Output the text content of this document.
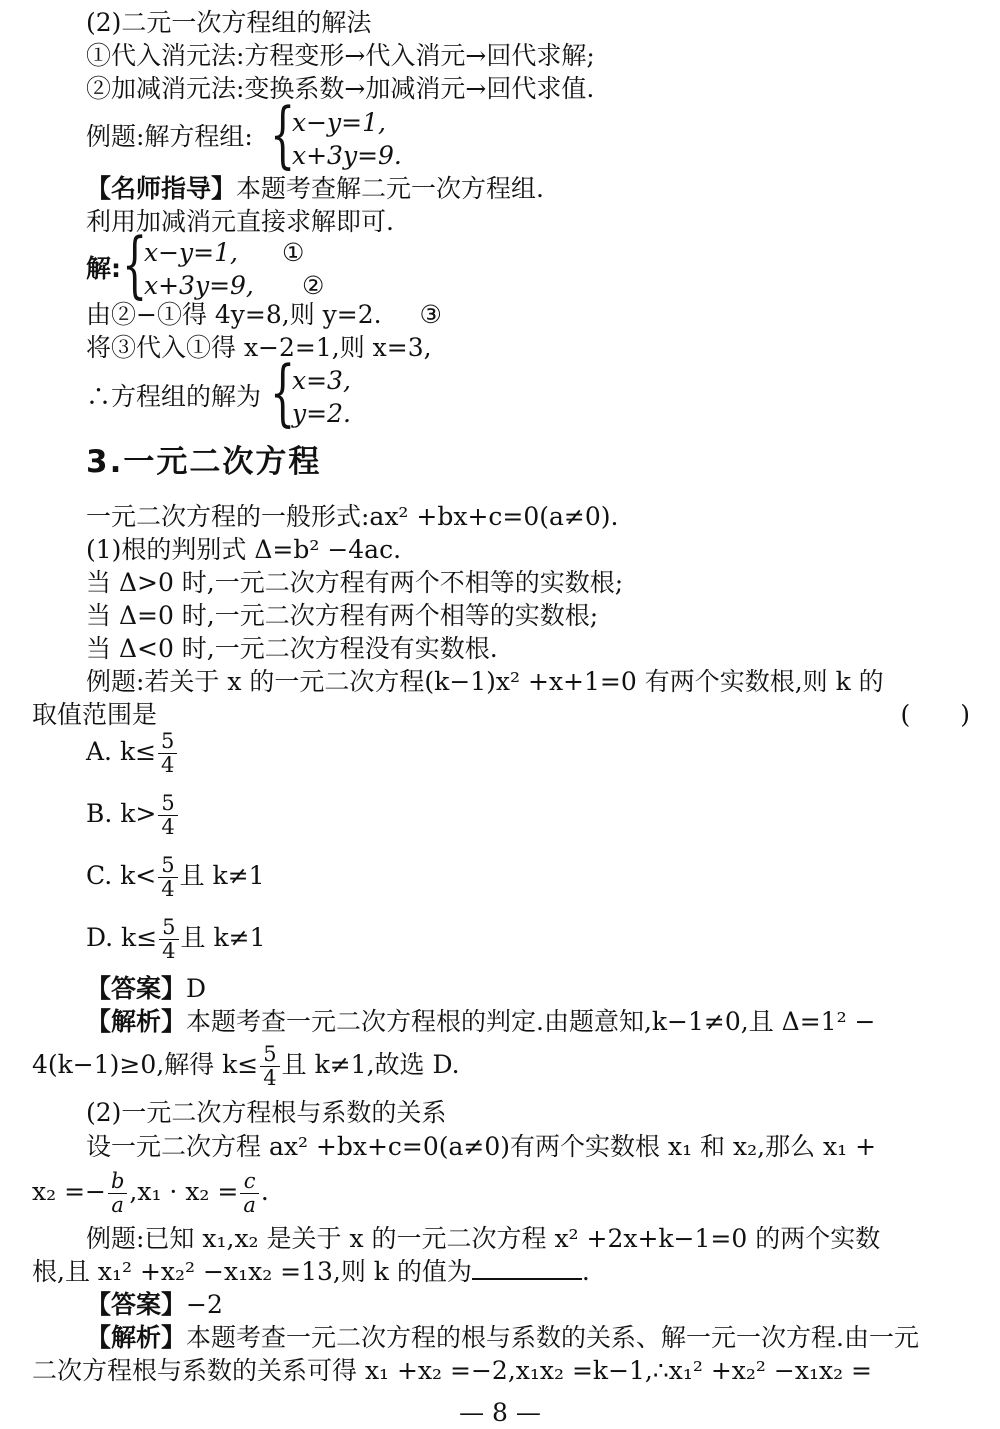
(2)二元一次方程组的解法
①代入消元法:方程变形→代入消元→回代求解;
②加减消元法:变换系数→加减消元→回代求值.
例题:解方程组: {
x−y=1,
x+3y=9.
【名师指导】本题考查解二元一次方程组.
利用加减消元直接求解即可.
解: {
x−y=1, ①
x+3y=9, ②
由②−①得 4y=8,则 y=2. ③
将③代入①得 x−2=1,则 x=3,
∴方程组的解为 {
x=3,
y=2.
3.一元二次方程
一元二次方程的一般形式:ax² +bx+c=0(a≠0).
(1)根的判别式 Δ=b² −4ac.
当 Δ>0 时,一元二次方程有两个不相等的实数根;
当 Δ=0 时,一元二次方程有两个相等的实数根;
当 Δ<0 时,一元二次方程没有实数根.
例题:若关于 x 的一元二次方程(k−1)x² +x+1=0 有两个实数根,则 k 的
取值范围是	(　　)
A. $k\le \frac{5}{4}$
B. $k> \frac{5}{4}$
C. $k< \frac{5}{4}$ 且 k≠1
D. $k\le \frac{5}{4}$ 且 k≠1
【答案】D
【解析】本题考查一元二次方程根的判定.由题意知,k−1≠0,且 Δ=1² −
4(k−1)≥0,解得 $k\le \frac{5}{4}$ 且 k≠1,故选 D.
(2)一元二次方程根与系数的关系
设一元二次方程 ax² +bx+c=0(a≠0)有两个实数根 x₁ 和 x₂,那么 x₁ +
$x_2 =- \frac{b}{a} ,x_1 \cdot x_2 = \frac{c}{a}$ .
例题:已知 x₁,x₂ 是关于 x 的一元二次方程 x² +2x+k−1=0 的两个实数
根,且 x₁² +x₂² −x₁x₂ =13,则 k 的值为	.
【答案】−2
【解析】本题考查一元二次方程的根与系数的关系、解一元一次方程.由一元
二次方程根与系数的关系可得 x₁ +x₂ =−2,x₁x₂ =k−1,∴x₁² +x₂² −x₁x₂ =
— 8 —
